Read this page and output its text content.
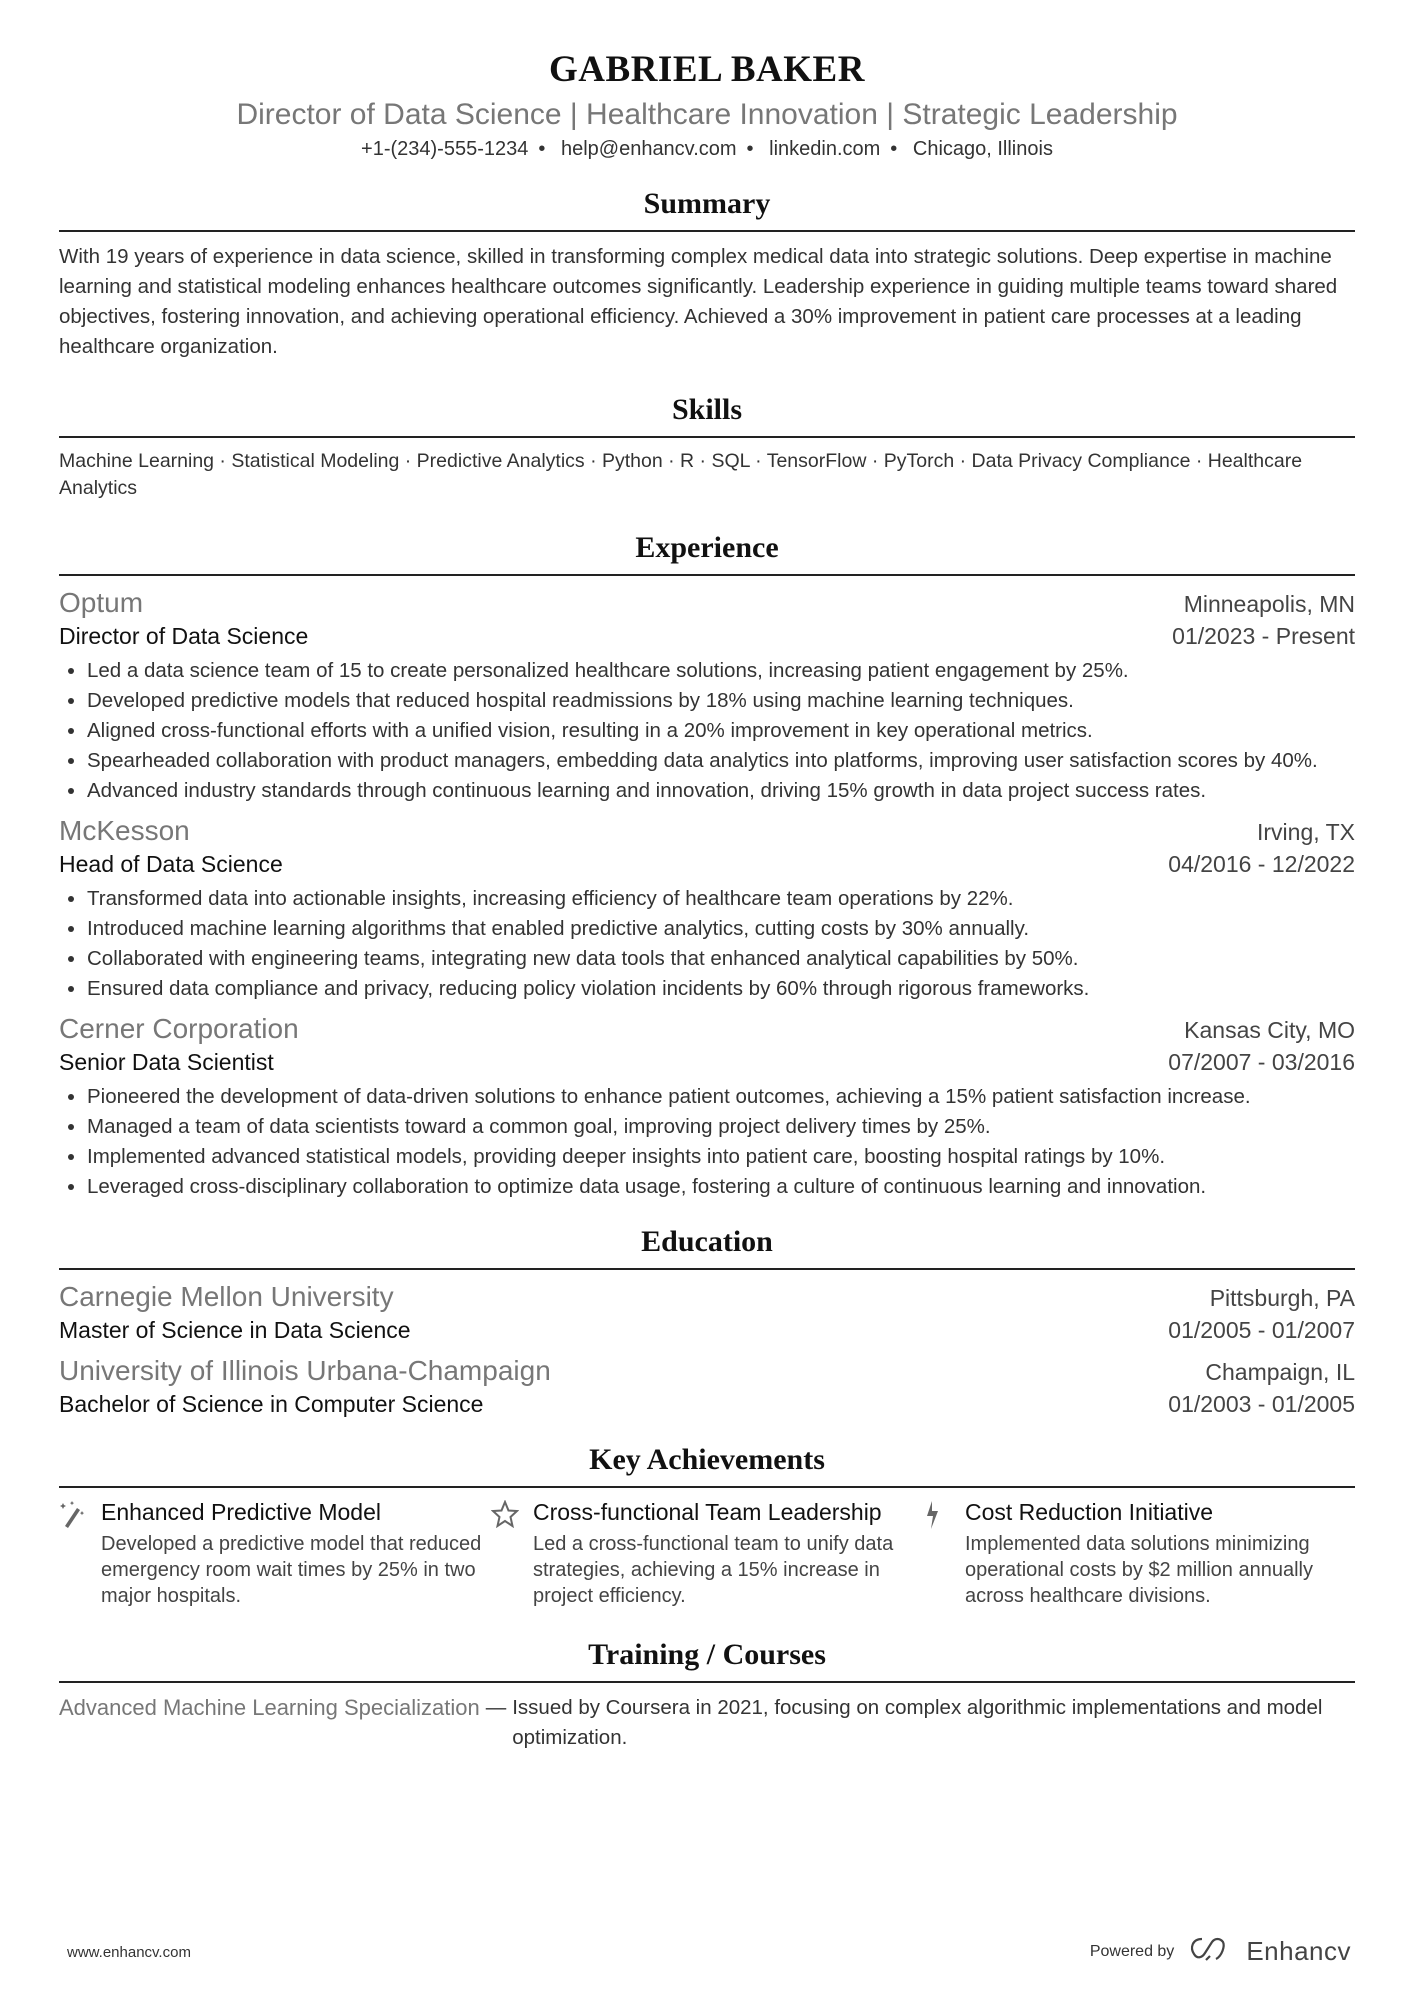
GABRIEL BAKER
Director of Data Science | Healthcare Innovation | Strategic Leadership
+1-(234)-555-1234 • help@enhancv.com • linkedin.com • Chicago, Illinois
Summary
With 19 years of experience in data science, skilled in transforming complex medical data into strategic solutions. Deep expertise in machine learning and statistical modeling enhances healthcare outcomes significantly. Leadership experience in guiding multiple teams toward shared objectives, fostering innovation, and achieving operational efficiency. Achieved a 30% improvement in patient care processes at a leading healthcare organization.
Skills
Machine Learning · Statistical Modeling · Predictive Analytics · Python · R · SQL · TensorFlow · PyTorch · Data Privacy Compliance · Healthcare Analytics
Experience
Optum	Minneapolis, MN
Director of Data Science	01/2023 - Present
• Led a data science team of 15 to create personalized healthcare solutions, increasing patient engagement by 25%.
• Developed predictive models that reduced hospital readmissions by 18% using machine learning techniques.
• Aligned cross-functional efforts with a unified vision, resulting in a 20% improvement in key operational metrics.
• Spearheaded collaboration with product managers, embedding data analytics into platforms, improving user satisfaction scores by 40%.
• Advanced industry standards through continuous learning and innovation, driving 15% growth in data project success rates.
McKesson	Irving, TX
Head of Data Science	04/2016 - 12/2022
• Transformed data into actionable insights, increasing efficiency of healthcare team operations by 22%.
• Introduced machine learning algorithms that enabled predictive analytics, cutting costs by 30% annually.
• Collaborated with engineering teams, integrating new data tools that enhanced analytical capabilities by 50%.
• Ensured data compliance and privacy, reducing policy violation incidents by 60% through rigorous frameworks.
Cerner Corporation	Kansas City, MO
Senior Data Scientist	07/2007 - 03/2016
• Pioneered the development of data-driven solutions to enhance patient outcomes, achieving a 15% patient satisfaction increase.
• Managed a team of data scientists toward a common goal, improving project delivery times by 25%.
• Implemented advanced statistical models, providing deeper insights into patient care, boosting hospital ratings by 10%.
• Leveraged cross-disciplinary collaboration to optimize data usage, fostering a culture of continuous learning and innovation.
Education
Carnegie Mellon University	Pittsburgh, PA
Master of Science in Data Science	01/2005 - 01/2007
University of Illinois Urbana-Champaign	Champaign, IL
Bachelor of Science in Computer Science	01/2003 - 01/2005
Key Achievements
Enhanced Predictive Model
Developed a predictive model that reduced emergency room wait times by 25% in two major hospitals.
Cross-functional Team Leadership
Led a cross-functional team to unify data strategies, achieving a 15% increase in project efficiency.
Cost Reduction Initiative
Implemented data solutions minimizing operational costs by $2 million annually across healthcare divisions.
Training / Courses
Advanced Machine Learning Specialization — Issued by Coursera in 2021, focusing on complex algorithmic implementations and model optimization.
www.enhancv.com	Powered by	Enhancv
